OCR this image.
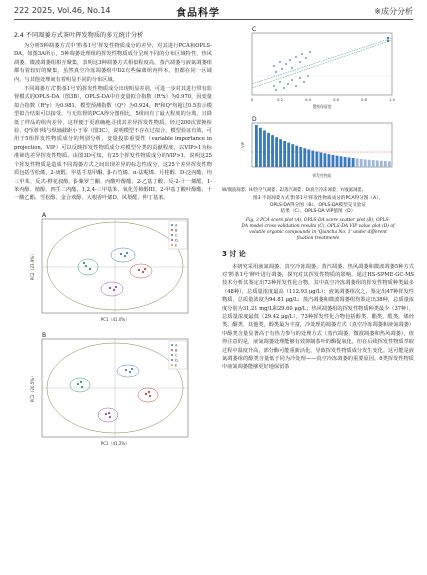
222 2025, Vol.46, No.14	食品科学	※成分分析
2.4 不同凋萎方式茶叶挥发物质的多元统计分析

为分析5种凋萎方式中'黔茶1号'挥发性物质成分的差异，对其进行PCA和OPLS-DA。如图3A所示，5种凋萎处理组的挥发性物质成分呈现不同的分布区域特性，热风凋萎、微波凋萎组相互聚集，表明这3种凋萎方式相似程度高，蒸汽凋萎与液氮凋萎组都有着较好的聚集，虽然真空冷冻凋萎组中D2有些偏离组内样本，但都在同一区域内，与其他处理间有着明显不同的分布区域。

不同凋萎方式'黔茶1号'的挥发性物质成分出现明显差别，可进一步对其进行带有监督模式的OPLS-DA（图3B），OPLS-DA中自变量拟合指数（R²x）为0.970，因变量拟合指数（R²y）为0.981，模型预测指数（Q²）为0.924，R²和Q²均超过0.5表示模型拟合结果可以接受，与无监督的PCA得分图相比，5组间有了最大程度的分离。且降低了样品的组内差异，这样便于更准确地寻找其差异挥发性物质。经过200次置换检验，Q²回归线与纵轴截距小于零（图3C），说明模型不存在过拟合，模型验证有效，可用于5组挥发性物质成分的判别分析，变量投影重要性（variable importance in projection，VIP）可以反映挥发性物质成分对模型分类的贡献程度，以VIP>1为标准筛选差异挥发性物质。由图3D可知，有25个挥发性物质成分的VIP>1，说明这25个挥发性物质是造成不同凋萎方式之间出现差异的标志性成分，这25个差异挥发性物质包括雪松烯、2-庚醛、甲基壬基甲酮、β-石竹烯、α-法呢烯、月桂醇、D-泛内酯、均三甲苯、反式-橙花叔醇、β-紫罗兰酮、丙酸叶醇酯、2-乙基丁酸、反-2-十一烯醛、1-苯丙醇、植醇、四壬二内酯、1,2,4-三甲基苯、氧化芳樟醇III、2-甲基丁酸叶醇酯、十一酸乙酯、雪松醇、金合欢醇、大根香叶烯D、风梨醛、仲丁基苯。

A
A
B
C
D
E
PC1（41.0%）
PC2（23.9%）

B
A
B
C
D
E
PC1（41.2%）
PC2（20.5%）
C
0	0.2	0.4	0.6	0.8	1.0
置换保留度

D
VIP
挥发性物质

W/微波凋萎；H/热空气凋萎；Z/蒸汽凋萎；D/真空冷冻凋萎；Y/液氮凋萎。

图3 不同凋萎方式'黔茶1号'挥发性物质成分的PCA得分图（A）、

OPLS-DA得分图（B）、OPLS-DA模型交叉验证

结果（C）、OPLS-DA VIP值图（D）

Fig. 3 PCA score plot (A), OPLS-DA score scatter plot (B), OPLS-

DA model cross-validation results (C), OPLS-DA VIP value plot (D) of

volatile organic compounds in 'Qiancha No. 1' under different

fixation treatments

3 讨 论

本研究采用液氮凋萎、真空冷冻凋萎、蒸汽凋萎、热风凋萎和微波凋萎5种方式对'黔茶1号'鲜叶进行凋萎，探究对其挥发性物质的影响。通过HS-SPME-GC-MS技术分析其鉴定出73种挥发性化合物，其中真空冷冻凋萎组的挥发性物质种类最多（48种），总质量浓度最高（112.93 μg/L）；液氮凋萎组次之，鉴定出47种挥发性物质，总质量浓度为94.81 μg/L；蒸汽凋萎和微波凋萎组均鉴定出38种，总质量浓度分别为31.21 mg/L和29.60 μg/L；热风凋萎组的挥发性物质种类最少（37种），总质量浓度最低（29.42 μg/L）。73种挥发性化合物包括醇类、酯类、醛类、烯烃类、酮类、其他类，醇类最为丰富，冷处理的凋萎方式（真空冷冻凋萎和液氮凋萎）中醇类含量显著高于有热力参与的处理方式（蒸汽凋萎、微波凋萎和热风凋萎），值得注意的是，液氮凋萎处理能够有效抑制茶叶的酶促氧化，但在后续挥发性物质萃取过程中温度升高，部分酶可能重新活化，导致挥发性物质成分发生变化。这可能是液氮凋萎组的醇类含量低于同为冷处理——真空冷冻凋萎的重要原因。6类挥发性物质中液氮凋萎能够更好地保留茶
